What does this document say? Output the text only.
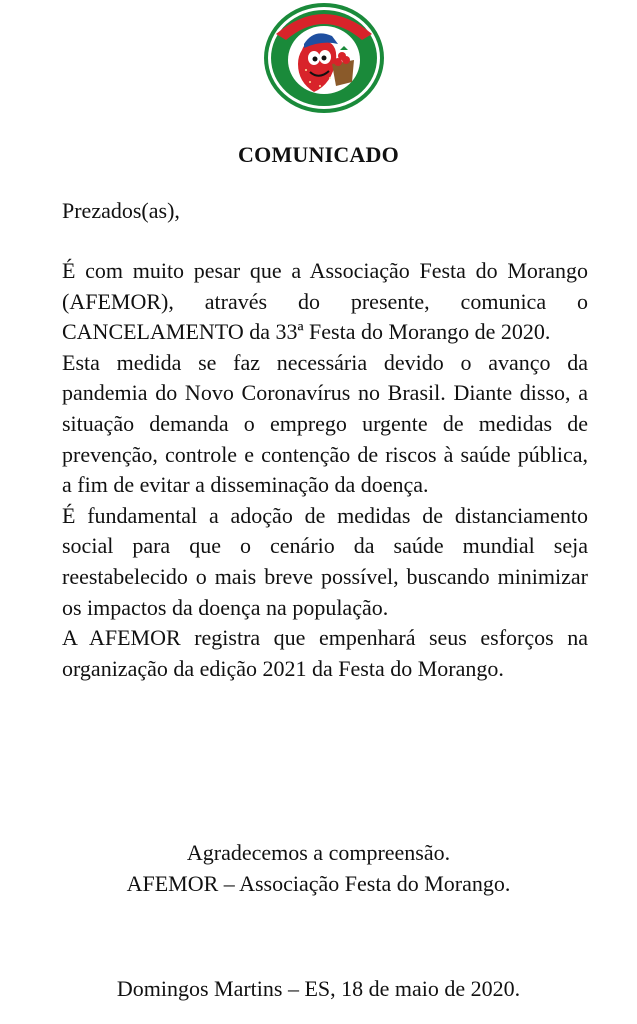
COMUNICADO
Prezados(as),

É com muito pesar que a Associação Festa do Morango (AFEMOR), através do presente, comunica o CANCELAMENTO da 33ª Festa do Morango de 2020.

Esta medida se faz necessária devido o avanço da pandemia do Novo Coronavírus no Brasil. Diante disso, a situação demanda o emprego urgente de medidas de prevenção, controle e contenção de riscos à saúde pública, a fim de evitar a disseminação da doença.

É fundamental a adoção de medidas de distanciamento social para que o cenário da saúde mundial seja reestabelecido o mais breve possível, buscando minimizar os impactos da doença na população.

A AFEMOR registra que empenhará seus esforços na organização da edição 2021 da Festa do Morango.

Agradecemos a compreensão.
AFEMOR – Associação Festa do Morango.
Domingos Martins – ES, 18 de maio de 2020.
